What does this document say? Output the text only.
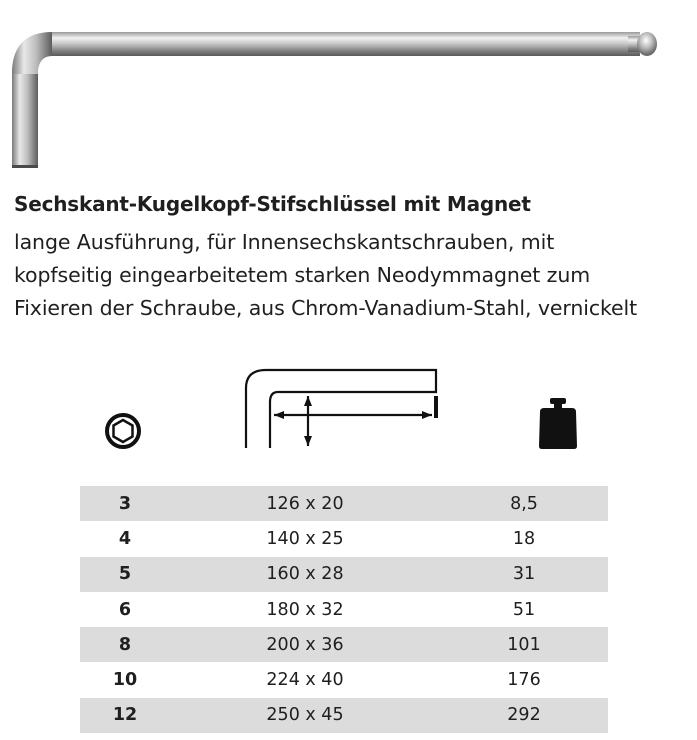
Sechskant-Kugelkopf-Stifschlüssel mit Magnet

lange Ausführung, für Innensechskantschrauben, mit
kopfseitig eingearbeitetem starken Neodymmagnet zum
Fixieren der Schraube, aus Chrom-Vanadium-Stahl, vernickelt

3	126 x 20	8,5
4	140 x 25	18
5	160 x 28	31
6	180 x 32	51
8	200 x 36	101
10	224 x 40	176
12	250 x 45	292
